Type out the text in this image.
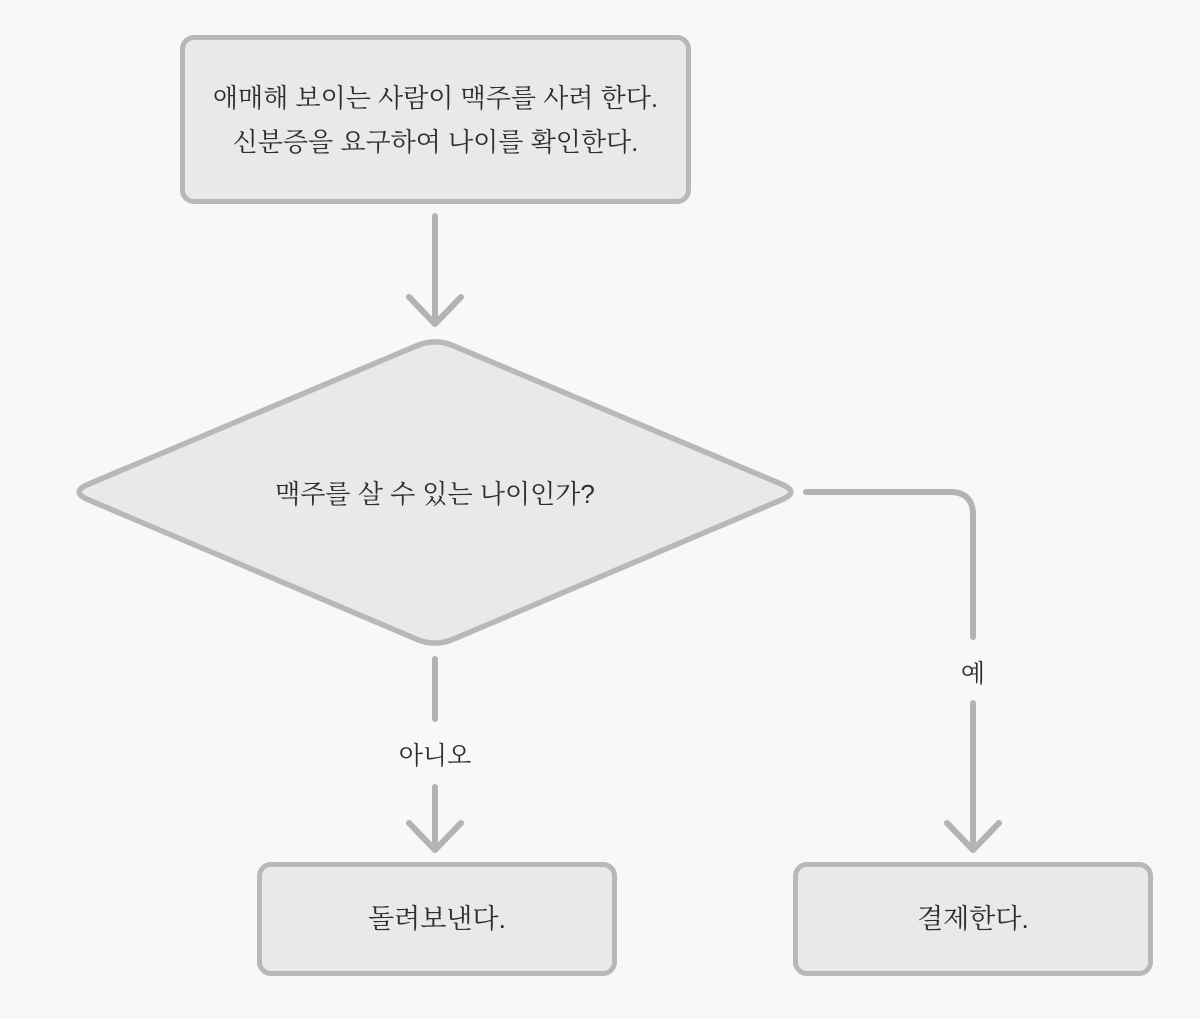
애매해 보이는 사람이 맥주를 사려 한다.
신분증을 요구하여 나이를 확인한다.
맥주를 살 수 있는 나이인가?
아니오
예
돌려보낸다.	결제한다.
